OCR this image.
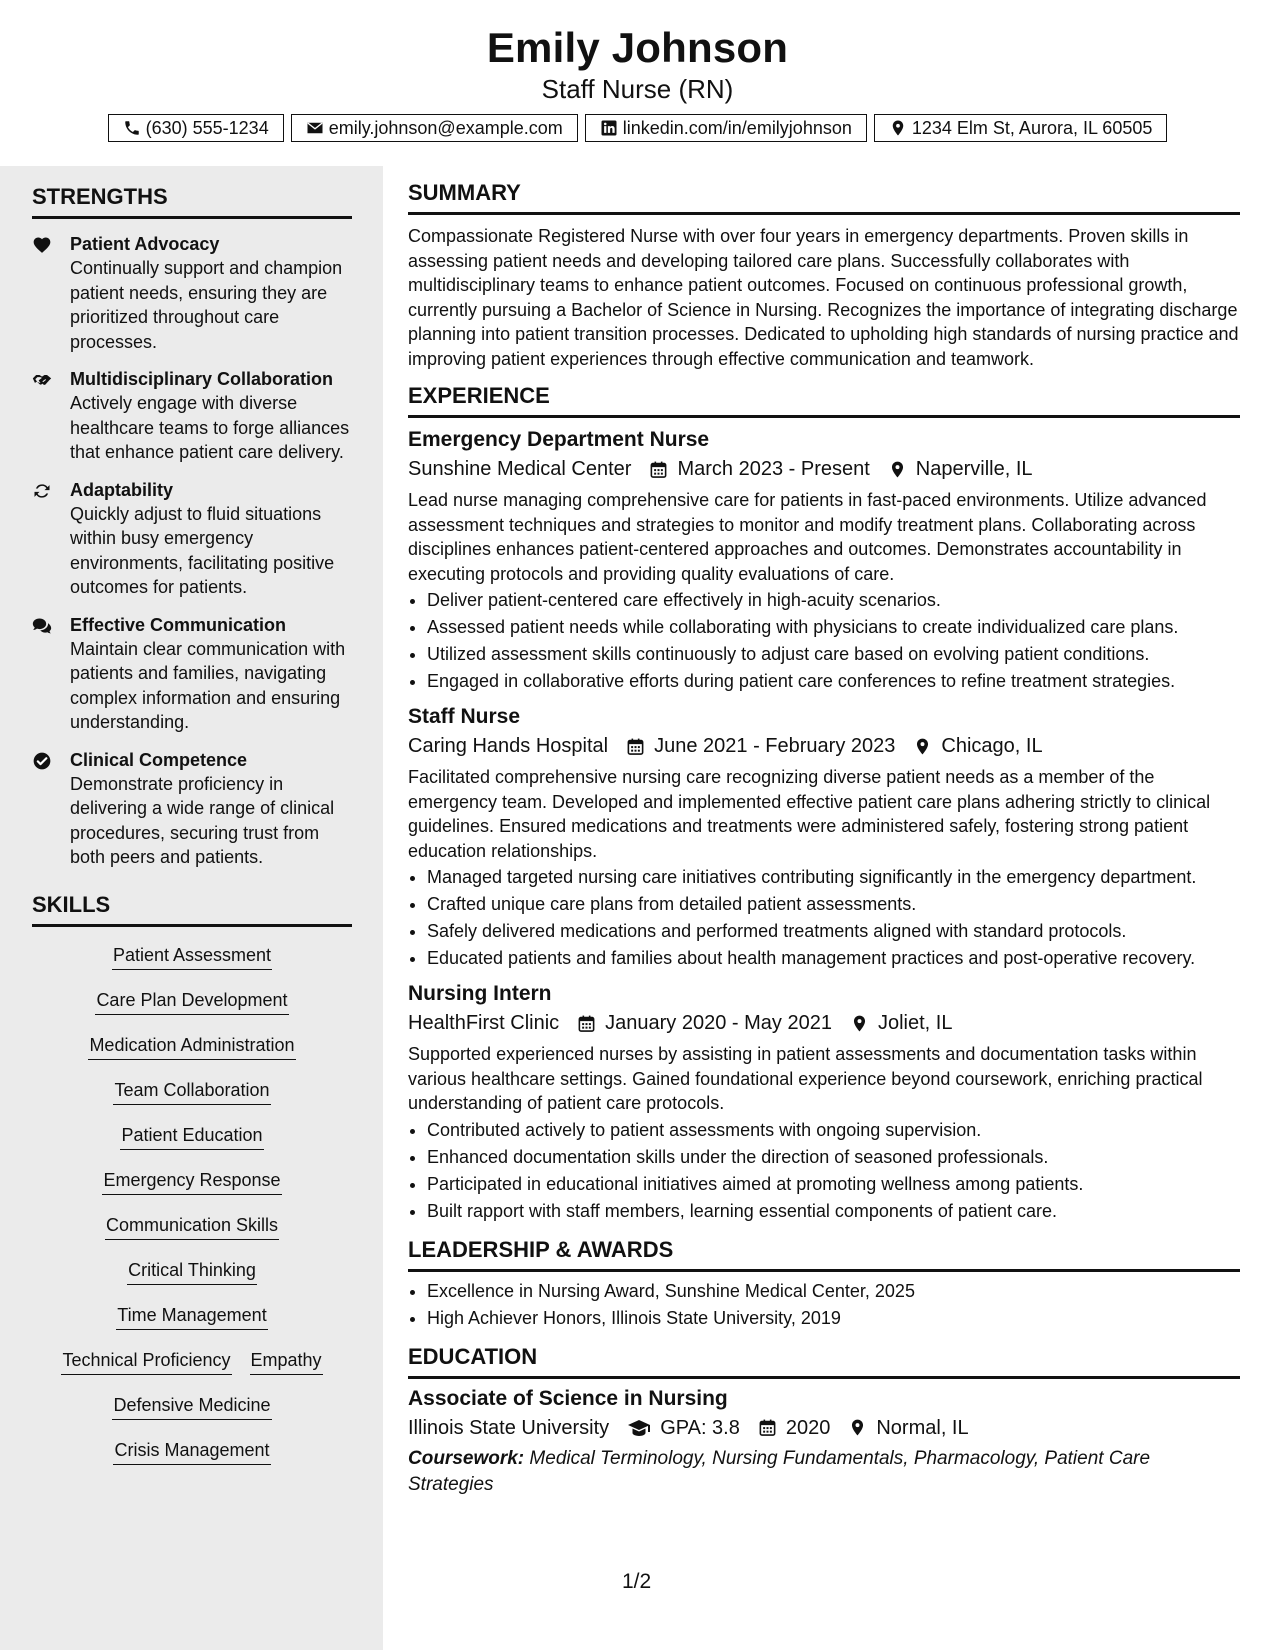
Emily Johnson
Staff Nurse (RN)
(630) 555-1234	emily.johnson@example.com	linkedin.com/in/emilyjohnson	1234 Elm St, Aurora, IL 60505
STRENGTHS
Patient Advocacy
Continually support and champion patient needs, ensuring they are prioritized throughout care processes.
Multidisciplinary Collaboration
Actively engage with diverse healthcare teams to forge alliances that enhance patient care delivery.
Adaptability
Quickly adjust to fluid situations within busy emergency environments, facilitating positive outcomes for patients.
Effective Communication
Maintain clear communication with patients and families, navigating complex information and ensuring understanding.
Clinical Competence
Demonstrate proficiency in delivering a wide range of clinical procedures, securing trust from both peers and patients.
SKILLS
Patient Assessment
Care Plan Development
Medication Administration
Team Collaboration
Patient Education
Emergency Response
Communication Skills
Critical Thinking
Time Management
Technical Proficiency Empathy
Defensive Medicine
Crisis Management
SUMMARY
Compassionate Registered Nurse with over four years in emergency departments. Proven skills in assessing patient needs and developing tailored care plans. Successfully collaborates with multidisciplinary teams to enhance patient outcomes. Focused on continuous professional growth, currently pursuing a Bachelor of Science in Nursing. Recognizes the importance of integrating discharge planning into patient transition processes. Dedicated to upholding high standards of nursing practice and improving patient experiences through effective communication and teamwork.
EXPERIENCE
Emergency Department Nurse
Sunshine Medical Center March 2023 - Present Naperville, IL
Lead nurse managing comprehensive care for patients in fast-paced environments. Utilize advanced assessment techniques and strategies to monitor and modify treatment plans. Collaborating across disciplines enhances patient-centered approaches and outcomes. Demonstrates accountability in executing protocols and providing quality evaluations of care.
• Deliver patient-centered care effectively in high-acuity scenarios.
• Assessed patient needs while collaborating with physicians to create individualized care plans.
• Utilized assessment skills continuously to adjust care based on evolving patient conditions.
• Engaged in collaborative efforts during patient care conferences to refine treatment strategies.
Staff Nurse
Caring Hands Hospital June 2021 - February 2023 Chicago, IL
Facilitated comprehensive nursing care recognizing diverse patient needs as a member of the emergency team. Developed and implemented effective patient care plans adhering strictly to clinical guidelines. Ensured medications and treatments were administered safely, fostering strong patient education relationships.
• Managed targeted nursing care initiatives contributing significantly in the emergency department.
• Crafted unique care plans from detailed patient assessments.
• Safely delivered medications and performed treatments aligned with standard protocols.
• Educated patients and families about health management practices and post-operative recovery.
Nursing Intern
HealthFirst Clinic January 2020 - May 2021 Joliet, IL
Supported experienced nurses by assisting in patient assessments and documentation tasks within various healthcare settings. Gained foundational experience beyond coursework, enriching practical understanding of patient care protocols.
• Contributed actively to patient assessments with ongoing supervision.
• Enhanced documentation skills under the direction of seasoned professionals.
• Participated in educational initiatives aimed at promoting wellness among patients.
• Built rapport with staff members, learning essential components of patient care.
LEADERSHIP & AWARDS
• Excellence in Nursing Award, Sunshine Medical Center, 2025
• High Achiever Honors, Illinois State University, 2019
EDUCATION
Associate of Science in Nursing
Illinois State University	GPA: 3.8 2020 Normal, IL
Coursework: Medical Terminology, Nursing Fundamentals, Pharmacology, Patient Care Strategies
1/2
